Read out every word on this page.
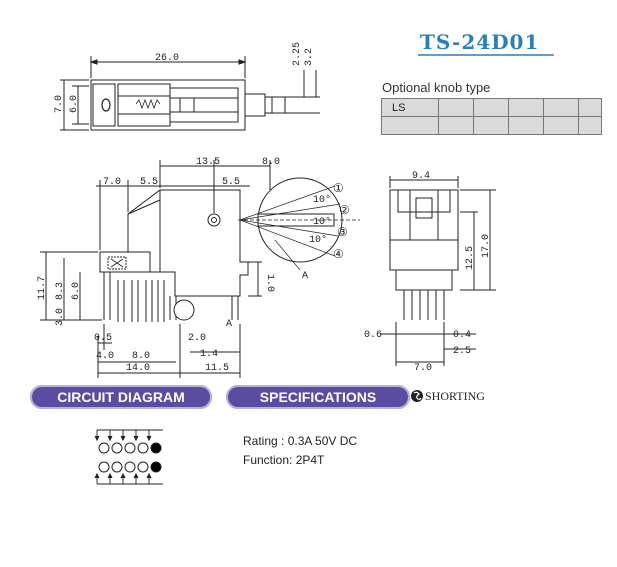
26.0	2.25 3.2
7.0 6.0
13.5	8.0
7.0 5.5	5.5
10°
10°
10°
①
②
③
④
A
A
11.7 8.3 6.0
3.0
1.0
0.5
4.0 8.0
2.0
1.4
14.0	11.5
9.4
12.5 17.0
0.6	0.4
2.5
7.0
TS-24D01
Optional knob type
LS					

CIRCUIT DIAGRAM	SPECIFICATIONS	SHORTING
Rating : 0.3A 50V DC
Function: 2P4T
